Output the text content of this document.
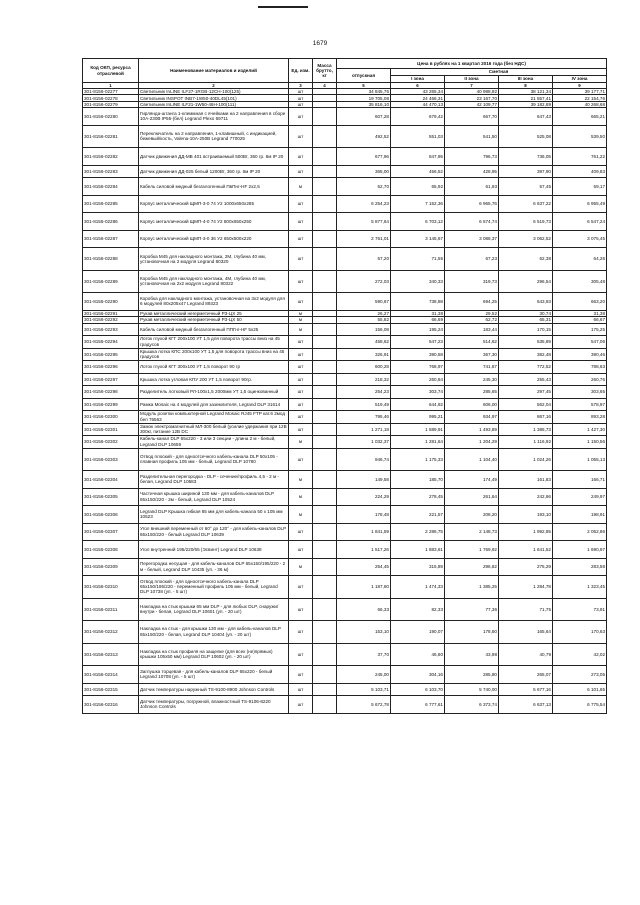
1679
Код ОКП, ресурса отраслевой	Наименование материалов и изделий	Ед. изм.	Масса брутто, кг	Цена в рублях на 1 квартал 2016 года (без НДС)				
				отпускная	Сметная			
					I зона	II зона	III зона	IV зона
1	2	3	4	5	6	7	8	9
301-8156-02277	Светильник InLINE ILF27-1RGB-12CH-100(125)	шт		34 845,76	43 265,34	40 988,92	38 121,34	39 177,71
301-8156-02278	Светильник INSPOT INB7-1W50-40DL45(101)	шт		19 705,08	24 466,31	23 167,70	21 557,41	22 154,76
301-8156-02279	Светильник InLINE ILF21-1W50-46H-100(111)	шт		35 816,10	44 470,13	42 109,77	39 182,89	40 268,68
301-8156-02280	Гирлянда-штанга 1-клеммная с ячейками на 2 направления в сборе 10А-230В IP55-(бел) Legrand Plexo 69711	шт		607,28	679,42	667,70	647,43	665,21
301-8156-02281	Переключатель на 2 направления, 1-клавишный, с индикацией, бежевый/кость, Valena-10А-250В Legrand 770025	шт		492,52	551,03	541,50	525,08	539,50
301-8156-02282	Датчик движения ДД-МВ 401 встраиваемый 500Вт, 360 гр. 8м IP 20	шт		677,96	847,95	796,73	736,05	761,22
301-8156-02283	Датчик движения ДД-025 белый 1200Вт, 360 гр. 6м IP 20	шт		365,00	456,52	428,95	397,90	409,83
301-8156-02284	Кабель силовой медный безгалогенный ПвПнг-HF 2х2,5	м		52,70	65,92	61,93	57,45	59,17
301-8156-02285	Корпус металлический ЩМП-3-0 74 У2 1000х650х285	шт		6 254,23	7 152,36	6 965,76	6 637,22	6 955,49
301-8156-02286	Корпус металлический ЩМП-4-0 74 У2 800х650х250	шт		5 877,64	6 703,12	6 574,74	6 519,73	6 547,24
301-8156-02287	Корпус металлический ЩМП-3-0 36 У2 650х500х220	шт		2 761,01	3 145,67	3 088,37	3 062,52	3 075,45
301-8156-02288	Коробка М45 для накладного монтажа, 2М, глубина 40 мм, установочная на 2 модуля Legrand 80320	шт		57,20	71,55	67,23	62,38	64,26
301-8156-02289	Коробка М45 для накладного монтажа, 4М, глубина 40 мм, установочная на 2х2 модуля Legrand 80322	шт		272,03	340,33	319,73	296,54	305,48
301-8156-02290	Коробка для накладного монтажа, установочная на 3х2 модуля для 6 модулей 80х205х47 Legrand 89323	шт		590,67	738,98	694,25	643,93	663,20
301-8156-02291	Рукав металлический негерметичный РЗ-ЦХ 25	м		26,27	31,38	29,52	30,74	31,38
301-8156-02292	Рукав металлический негерметичный РЗ-ЦХ 50	м		55,82	66,69	62,72	65,31	66,67
301-8156-02293	Кабель силовой медный безгалогенный ППГнг-HF 5х25	м		156,08	195,24	183,44	170,15	175,25
301-8156-02294	Лоток глухой КГГ 200х100 УТ 1,5 для поворота трассы вниз на 45 градусов	шт		458,62	547,23	514,62	535,89	547,06
301-8156-02295	Крышка лотка КПС 200х100 УТ 1,5 для поворота трассы вниз на 45 градусов	шт		326,91	390,58	367,30	382,48	390,46
301-8156-02296	Лоток глухой КГГ 300х100 УТ 1,5 поворот 90 гр	шт		600,28	768,97	741,87	772,52	788,63
301-8156-02297	Крышка лотка угловая КПУ 200 УТ 1,5 поворот 90гр.	шт		218,32	260,84	245,30	255,43	260,76
301-8156-02298	Разделитель лотковый РЛ-100х1,5 2000мм УТ 1,5 оцинкованный	шт		254,23	303,74	285,65	297,45	303,65
301-8156-02299	Рамка Mosaic на 4 модулей для заземлителя, Legrand DLP 31614	шт		519,49	644,92	606,00	562,04	578,97
301-8156-02300	Модуль розетки компьютерной Legrand Mosaic RJ45 FTP кат.6 2мод бел 76563	шт		795,46	995,21	934,97	867,16	893,28
301-8156-02301	Замок электромагнитный МЛ-300 белый (усилие удержания при 12В 300кг, питание 12В DC	шт		1 271,18	1 589,91	1 493,89	1 385,73	1 427,30
301-8156-02302	Кабель-канал DLP 65х220 - 3 или 3 секции - длина 2 м - белый, Legrand DLP 10659	м		1 032,37	1 281,64	1 204,29	1 116,92	1 150,56
301-8156-02303	Отвод плоский - для одноотсечного кабель-канала DLP 50х105 - плавная профиль 105 мм - белый, Legrand DLP 10780	шт		946,74	1 175,33	1 104,40	1 024,26	1 055,13
301-8156-02304	Разделительная перегородка - DLP - сечение/профиль 4,5 - 2 м - белая, Legrand DLP 10583	м		149,58	185,70	174,49	161,83	166,71
301-8156-02305	Частичная крышка шириной 130 мм - для кабель-каналов DLP 65х150/220 - 2м - белый, Legrand DLP 10524	м		224,29	278,45	261,64	242,66	249,97
301-8156-02306	Legrand DLP Крышка гибкая 65 мм для кабель-канала 50 х 105 мм 10523	м		178,48	221,57	208,20	193,10	198,91
301-8156-02307	Угол внешний переменный от 60° до 120° - для кабель-каналов DLP 65х150/220 - белый Legrand DLP 10639	шт		1 841,59	2 286,75	2 148,73	1 992,85	2 052,86
301-8156-02308	Угол внутренний 195/220/65 (Эсвинт) Legrand DLP 10638	шт		1 517,26	1 883,61	1 769,92	1 641,52	1 690,97
301-8156-02309	Перегородка несущая - для кабель-каналов DLP 65х150/195/220 - 2 м - белый, Legrand DLP 10435 (уп. - 36 м)	м		254,45	315,89	296,82	275,29	283,58
301-8156-02310	Отвод плоский - для одноотсечного кабель-канала DLP 65х150/195/220 - переменный профиль 105 мм - белый, Legrand DLP 10738 (уп. - 5 шт)	шт		1 187,60	1 474,33	1 385,25	1 284,78	1 323,45
301-8156-02311	Накладка на стык крышки 65 мм DLP - для любых DLP, снаружи/внутри - белая, Legrand DLP 10601 (уп. - 20 шт)	шт		66,33	82,33	77,36	71,75	73,91
301-8156-02312	Накладка на стык - для крышки 130 мм - для кабель-каналов DLP 65х150/220 - белая, Legrand DLP 10404 (уп. - 20 шт)	шт		153,10	190,07	178,60	165,64	170,63
301-8156-02313	Накладка на стык профиля на защелке (для всех (не)прямых) крышки 105х50 мм) Legrand DLP 10602 (уп. - 20 шт)	шт		37,70	46,80	43,98	40,79	42,02
301-8156-02314	Заглушка торцевая - для кабель-каналов DLP 65х220 - белый Legrand 10708 (уп. - 5 шт)	шт		245,00	304,16	285,80	265,07	273,05
301-8156-02315	Датчик температуры наружный TS-9100-8900 Johnson Controls	шт		5 103,71	6 103,70	5 740,00	5 677,16	6 101,65
301-8156-02316	Датчик температуры, погружной, влажностный TS-9106-8220 Johnson Controls	шт		5 672,78	6 777,61	6 373,74	6 637,13	6 775,54
